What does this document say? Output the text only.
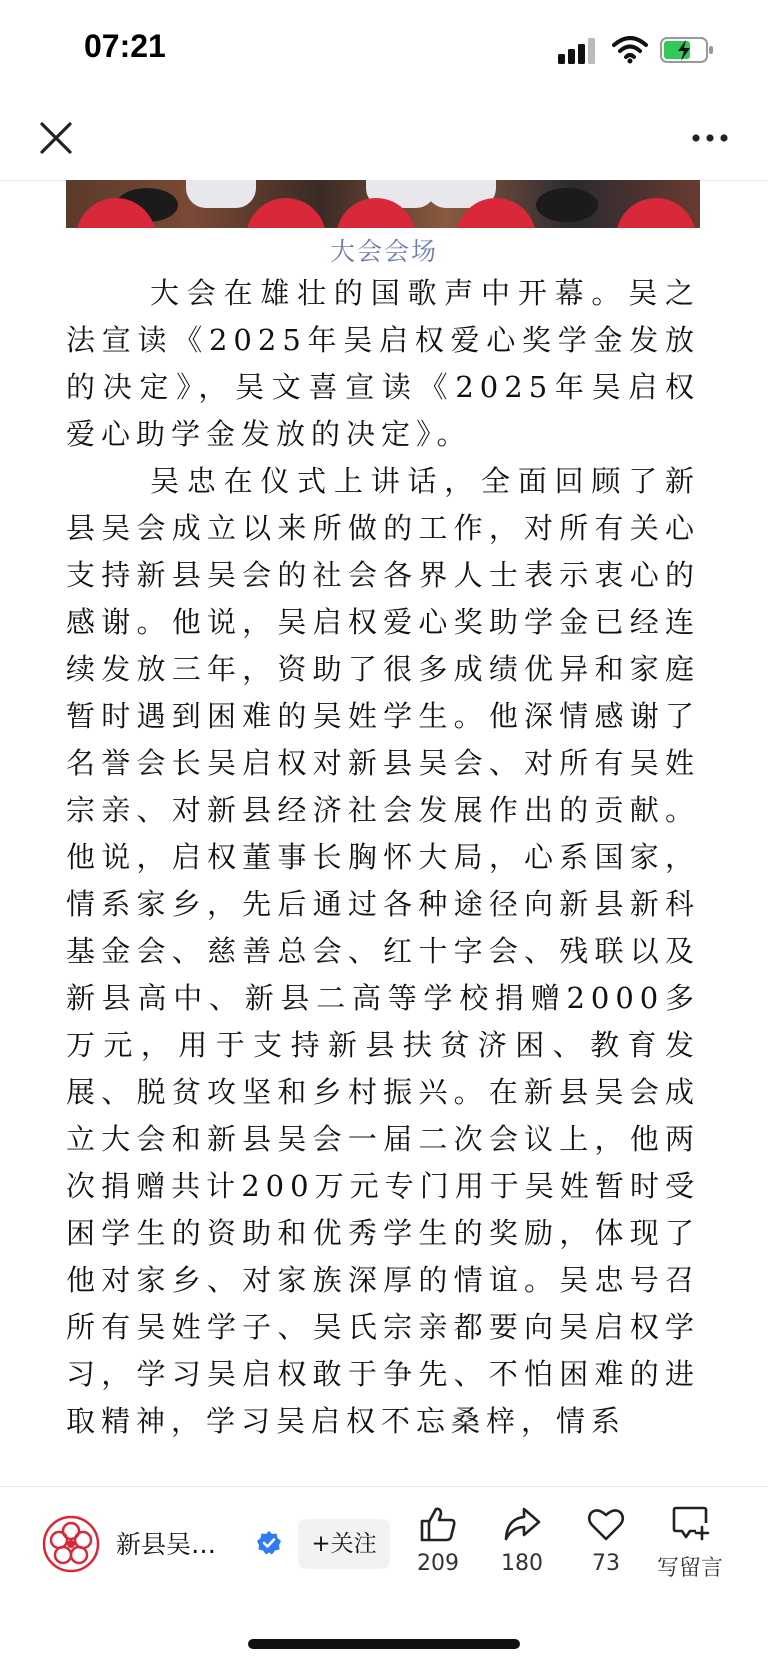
07:21
大会会场

大会在雄壮的国歌声中开幕。吴之法宣读《2025年吴启权爱心奖学金发放的决定》，吴文喜宣读《2025年吴启权爱心助学金发放的决定》。

吴忠在仪式上讲话，全面回顾了新县吴会成立以来所做的工作，对所有关心支持新县吴会的社会各界人士表示衷心的感谢。他说，吴启权爱心奖助学金已经连续发放三年，资助了很多成绩优异和家庭暂时遇到困难的吴姓学生。他深情感谢了名誉会长吴启权对新县吴会、对所有吴姓宗亲、对新县经济社会发展作出的贡献。他说，启权董事长胸怀大局，心系国家，情系家乡，先后通过各种途径向新县新科基金会、慈善总会、红十字会、残联以及新县高中、新县二高等学校捐赠2000多万元，用于支持新县扶贫济困、教育发展、脱贫攻坚和乡村振兴。在新县吴会成立大会和新县吴会一届二次会议上，他两次捐赠共计200万元专门用于吴姓暂时受困学生的资助和优秀学生的奖励，体现了他对家乡、对家族深厚的情谊。吴忠号召所有吴姓学子、吴氏宗亲都要向吴启权学习，学习吴启权敢于争先、不怕困难的进取精神，学习吴启权不忘桑梓，情系

新县吴…	+关注
209	180	73	写留言
